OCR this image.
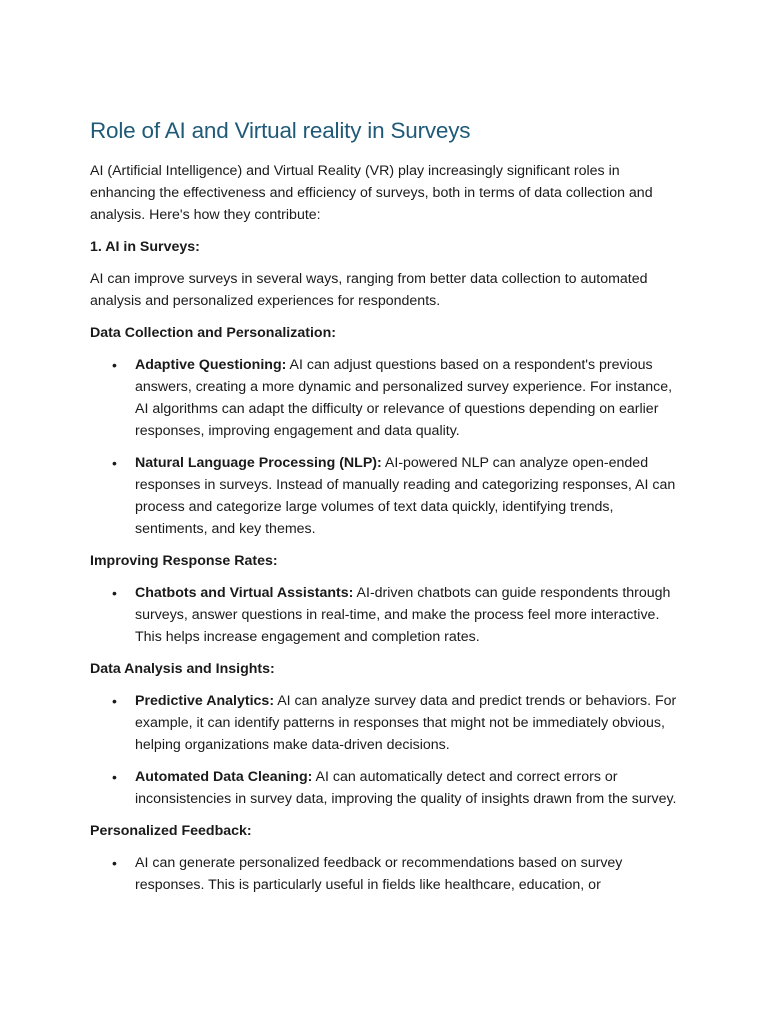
Role of AI and Virtual reality in Surveys

AI (Artificial Intelligence) and Virtual Reality (VR) play increasingly significant roles in enhancing the effectiveness and efficiency of surveys, both in terms of data collection and analysis. Here's how they contribute:

1. AI in Surveys:

AI can improve surveys in several ways, ranging from better data collection to automated analysis and personalized experiences for respondents.

Data Collection and Personalization:

• Adaptive Questioning: AI can adjust questions based on a respondent's previous answers, creating a more dynamic and personalized survey experience. For instance, AI algorithms can adapt the difficulty or relevance of questions depending on earlier responses, improving engagement and data quality.
• Natural Language Processing (NLP): AI-powered NLP can analyze open-ended responses in surveys. Instead of manually reading and categorizing responses, AI can process and categorize large volumes of text data quickly, identifying trends, sentiments, and key themes.

Improving Response Rates:

• Chatbots and Virtual Assistants: AI-driven chatbots can guide respondents through surveys, answer questions in real-time, and make the process feel more interactive. This helps increase engagement and completion rates.

Data Analysis and Insights:

• Predictive Analytics: AI can analyze survey data and predict trends or behaviors. For example, it can identify patterns in responses that might not be immediately obvious, helping organizations make data-driven decisions.
• Automated Data Cleaning: AI can automatically detect and correct errors or inconsistencies in survey data, improving the quality of insights drawn from the survey.

Personalized Feedback:

• AI can generate personalized feedback or recommendations based on survey responses. This is particularly useful in fields like healthcare, education, or
